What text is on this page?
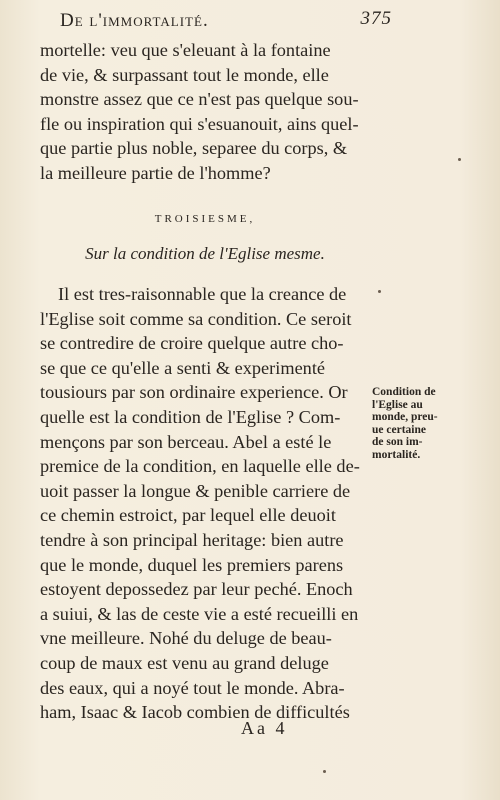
De l'immortalité.	375
mortelle: veu que s'eleuant à la fontaine
de vie, & surpassant tout le monde, elle
monstre assez que ce n'est pas quelque sou-
fle ou inspiration qui s'esuanouit, ains quel-
que partie plus noble, separee du corps, &
la meilleure partie de l'homme?
TROISIESME,
Sur la condition de l'Eglise mesme.
Il est tres-raisonnable que la creance de
l'Eglise soit comme sa condition. Ce seroit
se contredire de croire quelque autre cho-
se que ce qu'elle a senti & experimenté
tousiours par son ordinaire experience. Or
quelle est la condition de l'Eglise ? Com-
mençons par son berceau. Abel a esté le
premice de la condition, en laquelle elle de-
uoit passer la longue & penible carriere de
ce chemin estroict, par lequel elle deuoit
tendre à son principal heritage: bien autre
que le monde, duquel les premiers parens
estoyent depossedez par leur peché. Enoch
a suiui, & las de ceste vie a esté recueilli en
vne meilleure. Nohé du deluge de beau-
coup de maux est venu au grand deluge
des eaux, qui a noyé tout le monde. Abra-
ham, Isaac & Iacob combien de difficultés
Condition de
l'Eglise au
monde, preu-
ue certaine
de son im-
mortalité.
Aa 4
